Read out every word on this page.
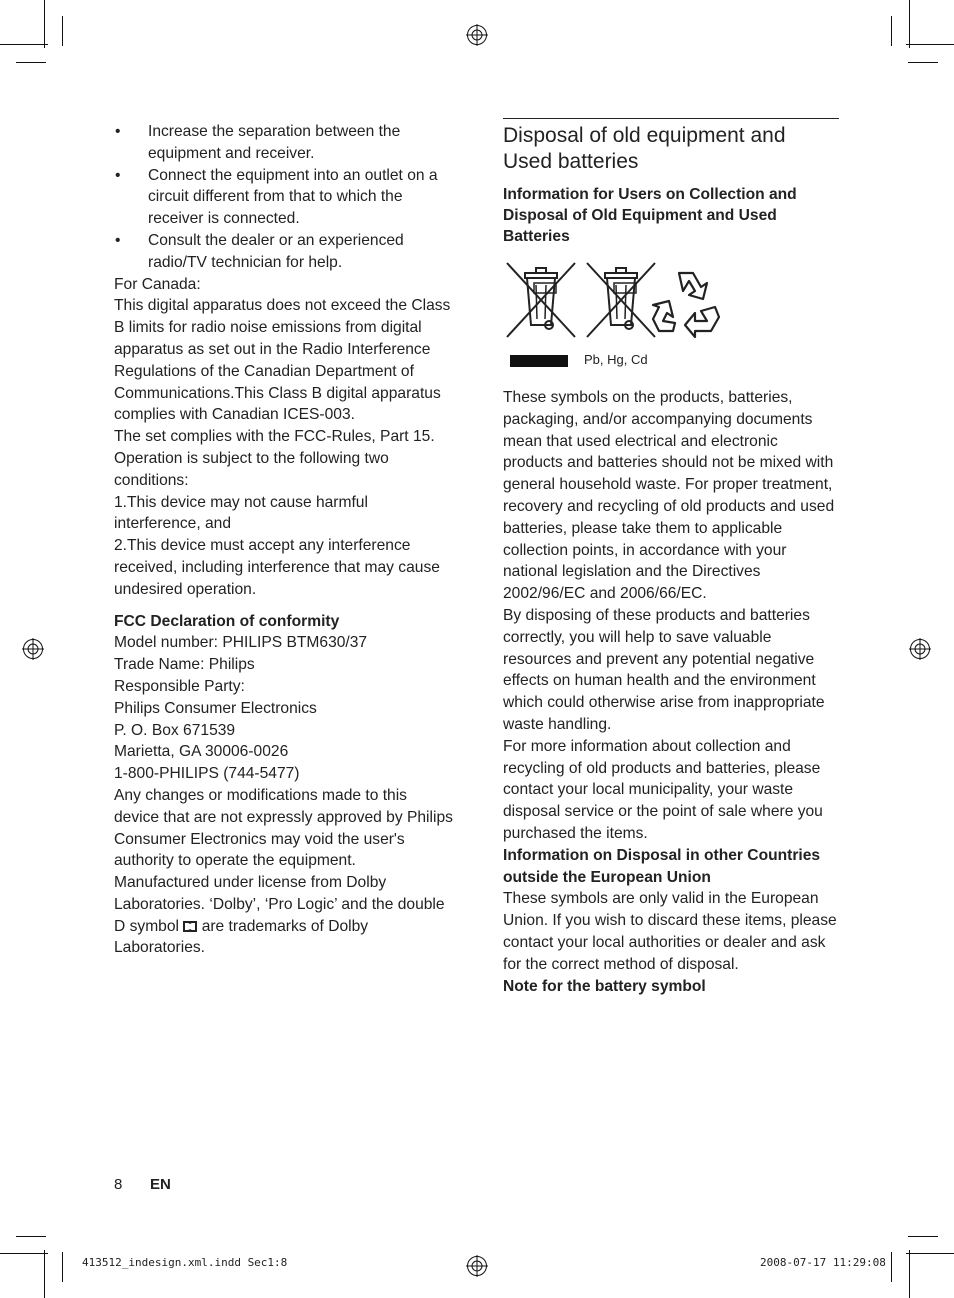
• Increase the separation between the equipment and receiver.
• Connect the equipment into an outlet on a circuit different from that to which the receiver is connected.
• Consult the dealer or an experienced radio/TV technician for help.

For Canada:

This digital apparatus does not exceed the Class B limits for radio noise emissions from digital apparatus as set out in the Radio Interference Regulations of the Canadian Department of Communications.This Class B digital apparatus complies with Canadian ICES-003.

The set complies with the FCC-Rules, Part 15. Operation is subject to the following two conditions:

1.This device may not cause harmful interference, and

2.This device must accept any interference received, including interference that may cause undesired operation.

FCC Declaration of conformity

Model number: PHILIPS BTM630/37

Trade Name: Philips

Responsible Party:

Philips Consumer Electronics

P. O. Box 671539

Marietta, GA 30006-0026

1-800-PHILIPS (744-5477)

Any changes or modifications made to this device that are not expressly approved by Philips Consumer Electronics may void the user's authority to operate the equipment.

Manufactured under license from Dolby Laboratories. ‘Dolby’, ‘Pro Logic’ and the double D symbol are trademarks of Dolby Laboratories.

Disposal of old equipment and Used batteries

Information for Users on Collection and Disposal of Old Equipment and Used Batteries

Pb, Hg, Cd

These symbols on the products, batteries, packaging, and/or accompanying documents mean that used electrical and electronic products and batteries should not be mixed with general household waste. For proper treatment, recovery and recycling of old products and used batteries, please take them to applicable collection points, in accordance with your national legislation and the Directives 2002/96/EC and 2006/66/EC.

By disposing of these products and batteries correctly, you will help to save valuable resources and prevent any potential negative effects on human health and the environment which could otherwise arise from inappropriate waste handling.

For more information about collection and recycling of old products and batteries, please contact your local municipality, your waste disposal service or the point of sale where you purchased the items.

Information on Disposal in other Countries outside the European Union

These symbols are only valid in the European Union. If you wish to discard these items, please contact your local authorities or dealer and ask for the correct method of disposal.

Note for the battery symbol

8 EN
413512_indesign.xml.indd Sec1:8	2008-07-17 11:29:08
